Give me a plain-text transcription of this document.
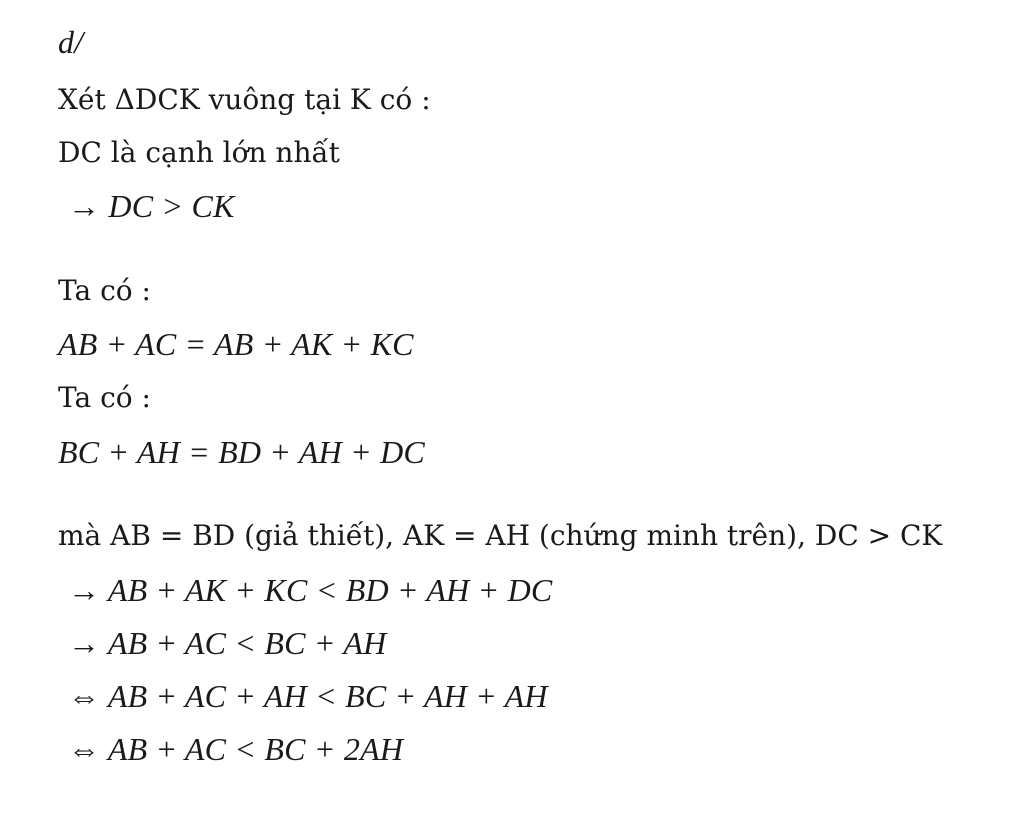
d/
Xét ΔDCK vuông tại K có :
DC là cạnh lớn nhất
→ DC > CK
Ta có :
AB + AC = AB + AK + KC
Ta có :
BC + AH = BD + AH + DC
mà AB = BD (giả thiết), AK = AH (chứng minh trên), DC > CK
→ AB + AK + KC < BD + AH + DC
→ AB + AC < BC + AH
⇔ AB + AC + AH < BC + AH + AH
⇔ AB + AC < BC + 2AH
